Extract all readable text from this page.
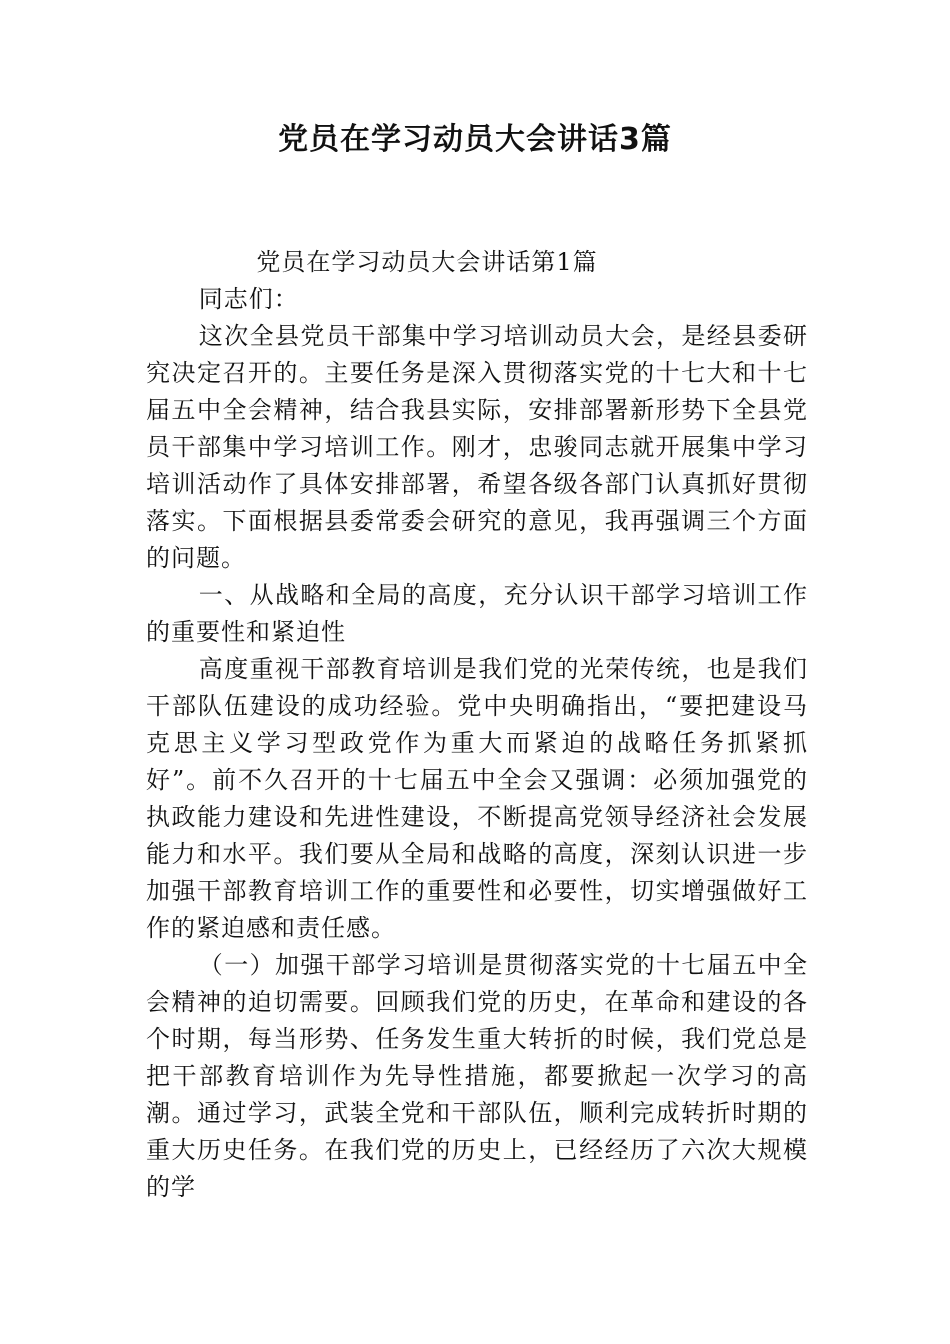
党员在学习动员大会讲话3篇

党员在学习动员大会讲话第1篇

同志们：

这次全县党员干部集中学习培训动员大会，是经县委研究决定召开的。主要任务是深入贯彻落实党的十七大和十七届五中全会精神，结合我县实际，安排部署新形势下全县党员干部集中学习培训工作。刚才，忠骏同志就开展集中学习培训活动作了具体安排部署，希望各级各部门认真抓好贯彻落实。下面根据县委常委会研究的意见，我再强调三个方面的问题。

一、从战略和全局的高度，充分认识干部学习培训工作的重要性和紧迫性

高度重视干部教育培训是我们党的光荣传统，也是我们干部队伍建设的成功经验。党中央明确指出，“要把建设马克思主义学习型政党作为重大而紧迫的战略任务抓紧抓好”。前不久召开的十七届五中全会又强调：必须加强党的执政能力建设和先进性建设，不断提高党领导经济社会发展能力和水平。我们要从全局和战略的高度，深刻认识进一步加强干部教育培训工作的重要性和必要性，切实增强做好工作的紧迫感和责任感。

（一）加强干部学习培训是贯彻落实党的十七届五中全会精神的迫切需要。回顾我们党的历史，在革命和建设的各个时期，每当形势、任务发生重大转折的时候，我们党总是把干部教育培训作为先导性措施，都要掀起一次学习的高潮。通过学习，武装全党和干部队伍，顺利完成转折时期的重大历史任务。在我们党的历史上，已经经历了六次大规模的学
